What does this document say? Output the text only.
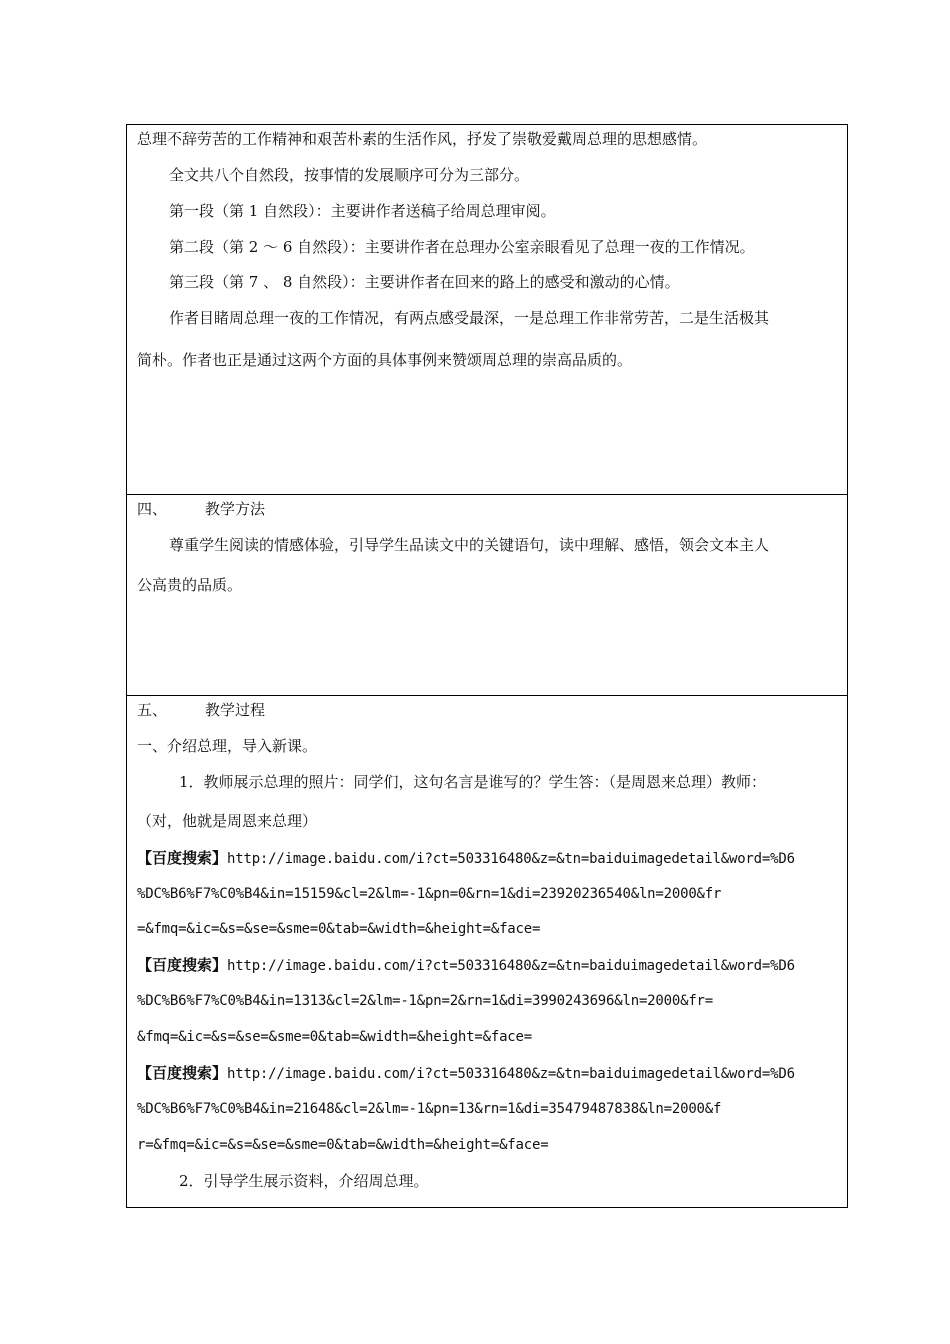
总理不辞劳苦的工作精神和艰苦朴素的生活作风，抒发了崇敬爱戴周总理的思想感情。
全文共八个自然段，按事情的发展顺序可分为三部分。
第一段（第 1 自然段）：主要讲作者送稿子给周总理审阅。
第二段（第 2 ～ 6 自然段）：主要讲作者在总理办公室亲眼看见了总理一夜的工作情况。
第三段（第 7 、 8 自然段）：主要讲作者在回来的路上的感受和激动的心情。
作者目睹周总理一夜的工作情况，有两点感受最深，一是总理工作非常劳苦，二是生活极其
简朴。作者也正是通过这两个方面的具体事例来赞颂周总理的崇高品质的。
四、	教学方法
尊重学生阅读的情感体验，引导学生品读文中的关键语句，读中理解、感悟，领会文本主人
公高贵的品质。
五、	教学过程
一、介绍总理，导入新课。
1．教师展示总理的照片：同学们，这句名言是谁写的？学生答：（是周恩来总理）教师：
（对，他就是周恩来总理）
【百度搜索】http://image.baidu.com/i?ct=503316480&z=&tn=baiduimagedetail&word=%D6
%DC%B6%F7%C0%B4&in=15159&cl=2&lm=-1&pn=0&rn=1&di=23920236540&ln=2000&fr
=&fmq=&ic=&s=&se=&sme=0&tab=&width=&height=&face=
【百度搜索】http://image.baidu.com/i?ct=503316480&z=&tn=baiduimagedetail&word=%D6
%DC%B6%F7%C0%B4&in=1313&cl=2&lm=-1&pn=2&rn=1&di=3990243696&ln=2000&fr=
&fmq=&ic=&s=&se=&sme=0&tab=&width=&height=&face=
【百度搜索】http://image.baidu.com/i?ct=503316480&z=&tn=baiduimagedetail&word=%D6
%DC%B6%F7%C0%B4&in=21648&cl=2&lm=-1&pn=13&rn=1&di=35479487838&ln=2000&f
r=&fmq=&ic=&s=&se=&sme=0&tab=&width=&height=&face=
2．引导学生展示资料，介绍周总理。
